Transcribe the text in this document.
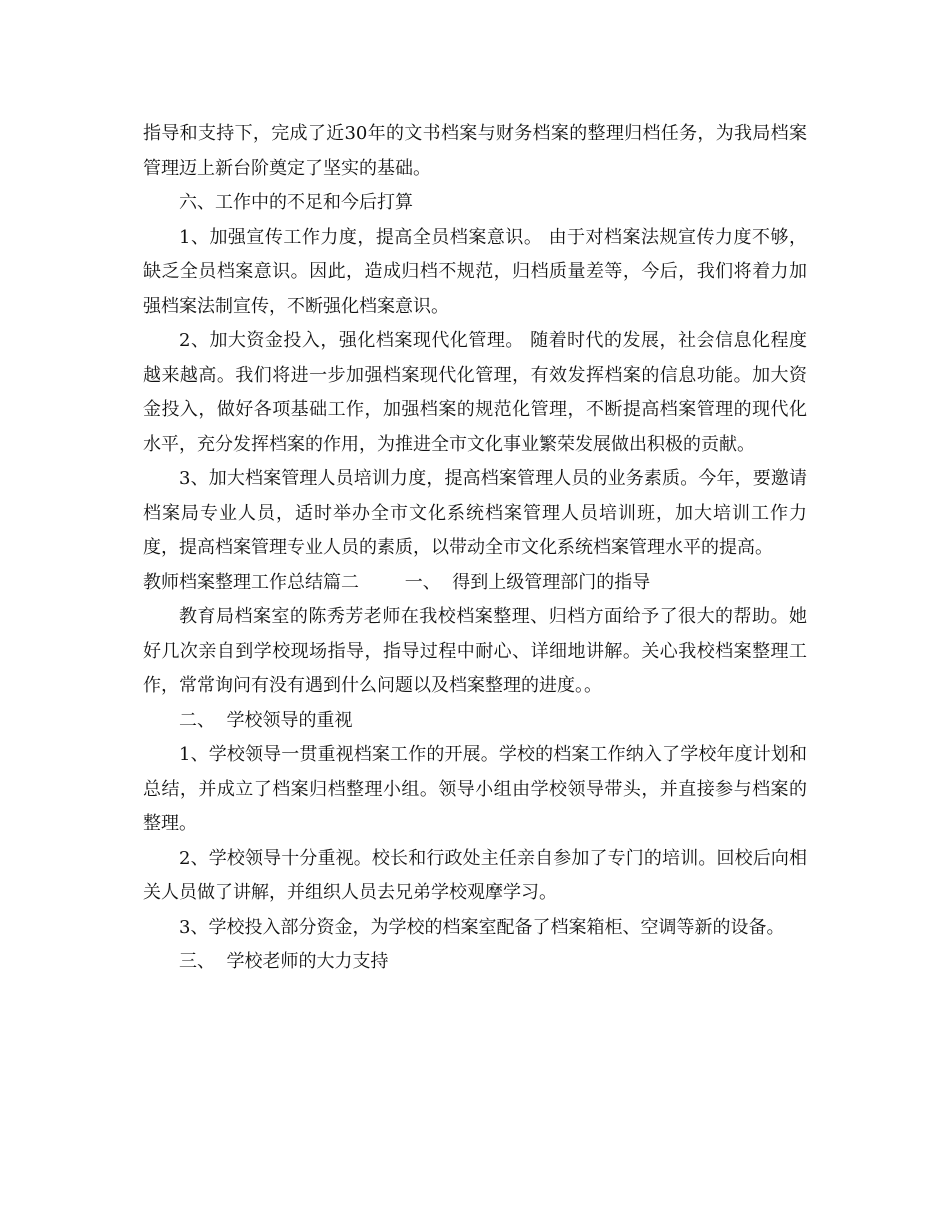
指导和支持下，完成了近30年的文书档案与财务档案的整理归档任务，为我局档案管理迈上新台阶奠定了坚实的基础。

六、工作中的不足和今后打算

1、加强宣传工作力度，提高全员档案意识。 由于对档案法规宣传力度不够，缺乏全员档案意识。因此，造成归档不规范，归档质量差等，今后，我们将着力加强档案法制宣传，不断强化档案意识。

2、加大资金投入，强化档案现代化管理。 随着时代的发展，社会信息化程度越来越高。我们将进一步加强档案现代化管理，有效发挥档案的信息功能。加大资金投入，做好各项基础工作，加强档案的规范化管理，不断提高档案管理的现代化水平，充分发挥档案的作用，为推进全市文化事业繁荣发展做出积极的贡献。

3、加大档案管理人员培训力度，提高档案管理人员的业务素质。今年，要邀请档案局专业人员，适时举办全市文化系统档案管理人员培训班，加大培训工作力度，提高档案管理专业人员的素质，以带动全市文化系统档案管理水平的提高。

教师档案整理工作总结篇二        一、  得到上级管理部门的指导

教育局档案室的陈秀芳老师在我校档案整理、归档方面给予了很大的帮助。她好几次亲自到学校现场指导，指导过程中耐心、详细地讲解。关心我校档案整理工作，常常询问有没有遇到什么问题以及档案整理的进度。。

二、  学校领导的重视

1、学校领导一贯重视档案工作的开展。学校的档案工作纳入了学校年度计划和总结，并成立了档案归档整理小组。领导小组由学校领导带头，并直接参与档案的整理。

2、学校领导十分重视。校长和行政处主任亲自参加了专门的培训。回校后向相关人员做了讲解，并组织人员去兄弟学校观摩学习。

3、学校投入部分资金，为学校的档案室配备了档案箱柜、空调等新的设备。

三、  学校老师的大力支持
